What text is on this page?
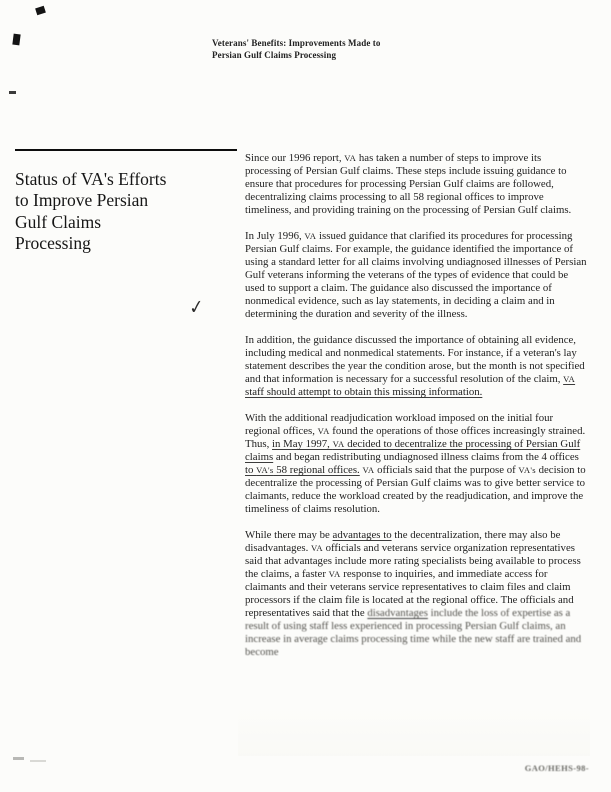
Veterans' Benefits: Improvements Made to
Persian Gulf Claims Processing
Status of VA's Efforts
to Improve Persian
Gulf Claims
Processing
✓

Since our 1996 report, VA has taken a number of steps to improve its processing of Persian Gulf claims. These steps include issuing guidance to ensure that procedures for processing Persian Gulf claims are followed, decentralizing claims processing to all 58 regional offices to improve timeliness, and providing training on the processing of Persian Gulf claims.

In July 1996, VA issued guidance that clarified its procedures for processing Persian Gulf claims. For example, the guidance identified the importance of using a standard letter for all claims involving undiagnosed illnesses of Persian Gulf veterans informing the veterans of the types of evidence that could be used to support a claim. The guidance also discussed the importance of nonmedical evidence, such as lay statements, in deciding a claim and in determining the duration and severity of the illness.

In addition, the guidance discussed the importance of obtaining all evidence, including medical and nonmedical statements. For instance, if a veteran's lay statement describes the year the condition arose, but the month is not specified and that information is necessary for a successful resolution of the claim, VA staff should attempt to obtain this missing information.

With the additional readjudication workload imposed on the initial four regional offices, VA found the operations of those offices increasingly strained. Thus, in May 1997, VA decided to decentralize the processing of Persian Gulf claims and began redistributing undiagnosed illness claims from the 4 offices to VA's 58 regional offices. VA officials said that the purpose of VA's decision to decentralize the processing of Persian Gulf claims was to give better service to claimants, reduce the workload created by the readjudication, and improve the timeliness of claims resolution.

While there may be advantages to the decentralization, there may also be disadvantages. VA officials and veterans service organization representatives said that advantages include more rating specialists being available to process the claims, a faster VA response to inquiries, and immediate access for claimants and their veterans service representatives to claim files and claim processors if the claim file is located at the regional office. The officials and representatives said that the disadvantages include the loss of expertise as a result of using staff less experienced in processing Persian Gulf claims, an increase in average claims processing time while the new staff are trained and become

GAO/HEHS-98-
